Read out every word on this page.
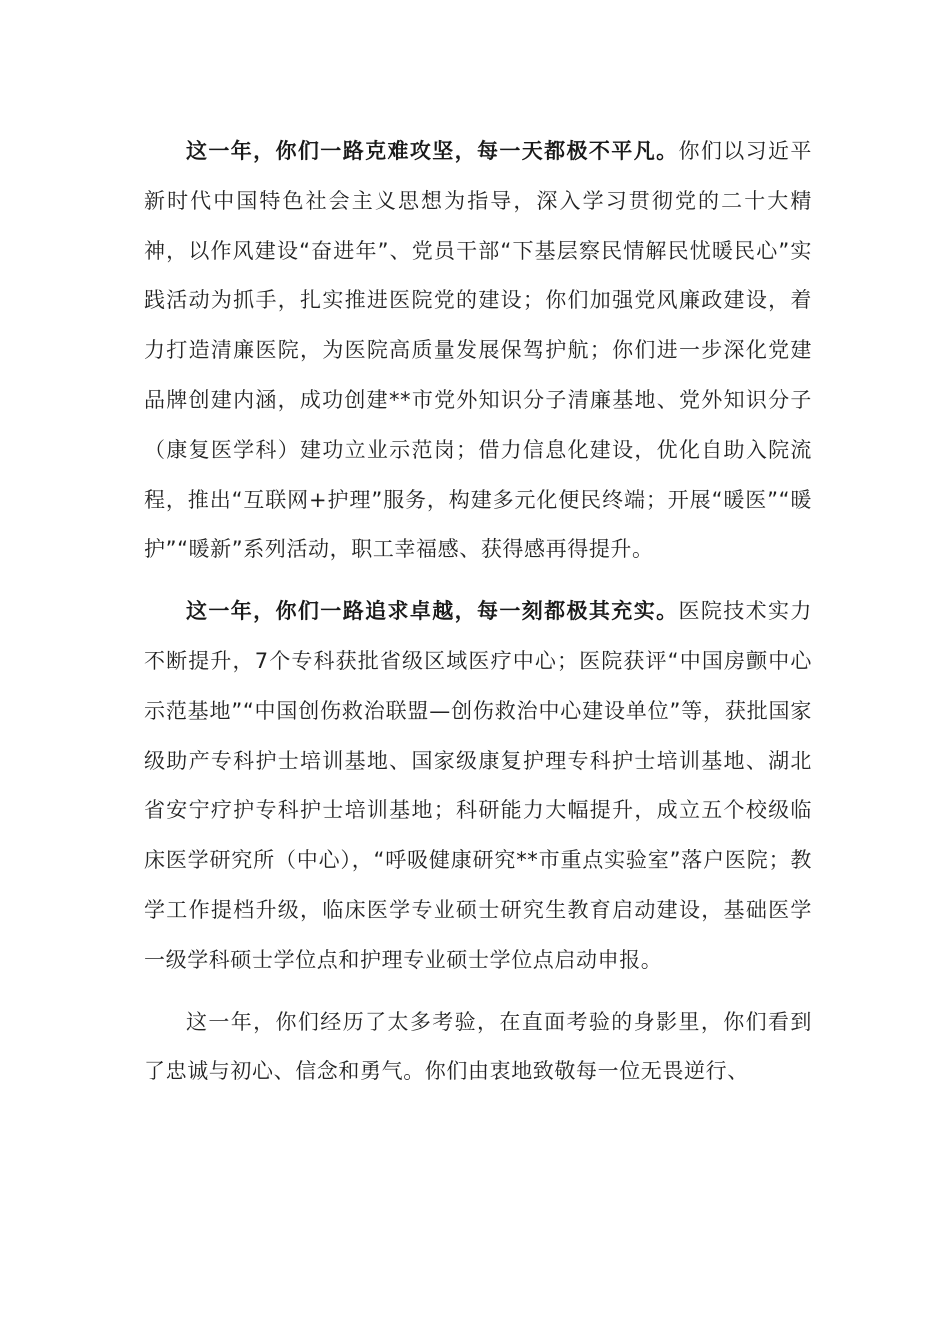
这一年，你们一路克难攻坚，每一天都极不平凡。你们以习近平新时代中国特色社会主义思想为指导，深入学习贯彻党的二十大精神，以作风建设“奋进年”、党员干部“下基层察民情解民忧暖民心”实践活动为抓手，扎实推进医院党的建设；你们加强党风廉政建设，着力打造清廉医院，为医院高质量发展保驾护航；你们进一步深化党建品牌创建内涵，成功创建**市党外知识分子清廉基地、党外知识分子（康复医学科）建功立业示范岗；借力信息化建设，优化自助入院流程，推出“互联网+护理”服务，构建多元化便民终端；开展“暖医”“暖护”“暖新”系列活动，职工幸福感、获得感再得提升。

这一年，你们一路追求卓越，每一刻都极其充实。医院技术实力不断提升，7个专科获批省级区域医疗中心；医院获评“中国房颤中心示范基地”“中国创伤救治联盟—创伤救治中心建设单位”等，获批国家级助产专科护士培训基地、国家级康复护理专科护士培训基地、湖北省安宁疗护专科护士培训基地；科研能力大幅提升，成立五个校级临床医学研究所（中心），“呼吸健康研究**市重点实验室”落户医院；教学工作提档升级，临床医学专业硕士研究生教育启动建设，基础医学一级学科硕士学位点和护理专业硕士学位点启动申报。

这一年，你们经历了太多考验，在直面考验的身影里，你们看到了忠诚与初心、信念和勇气。你们由衷地致敬每一位无畏逆行、
